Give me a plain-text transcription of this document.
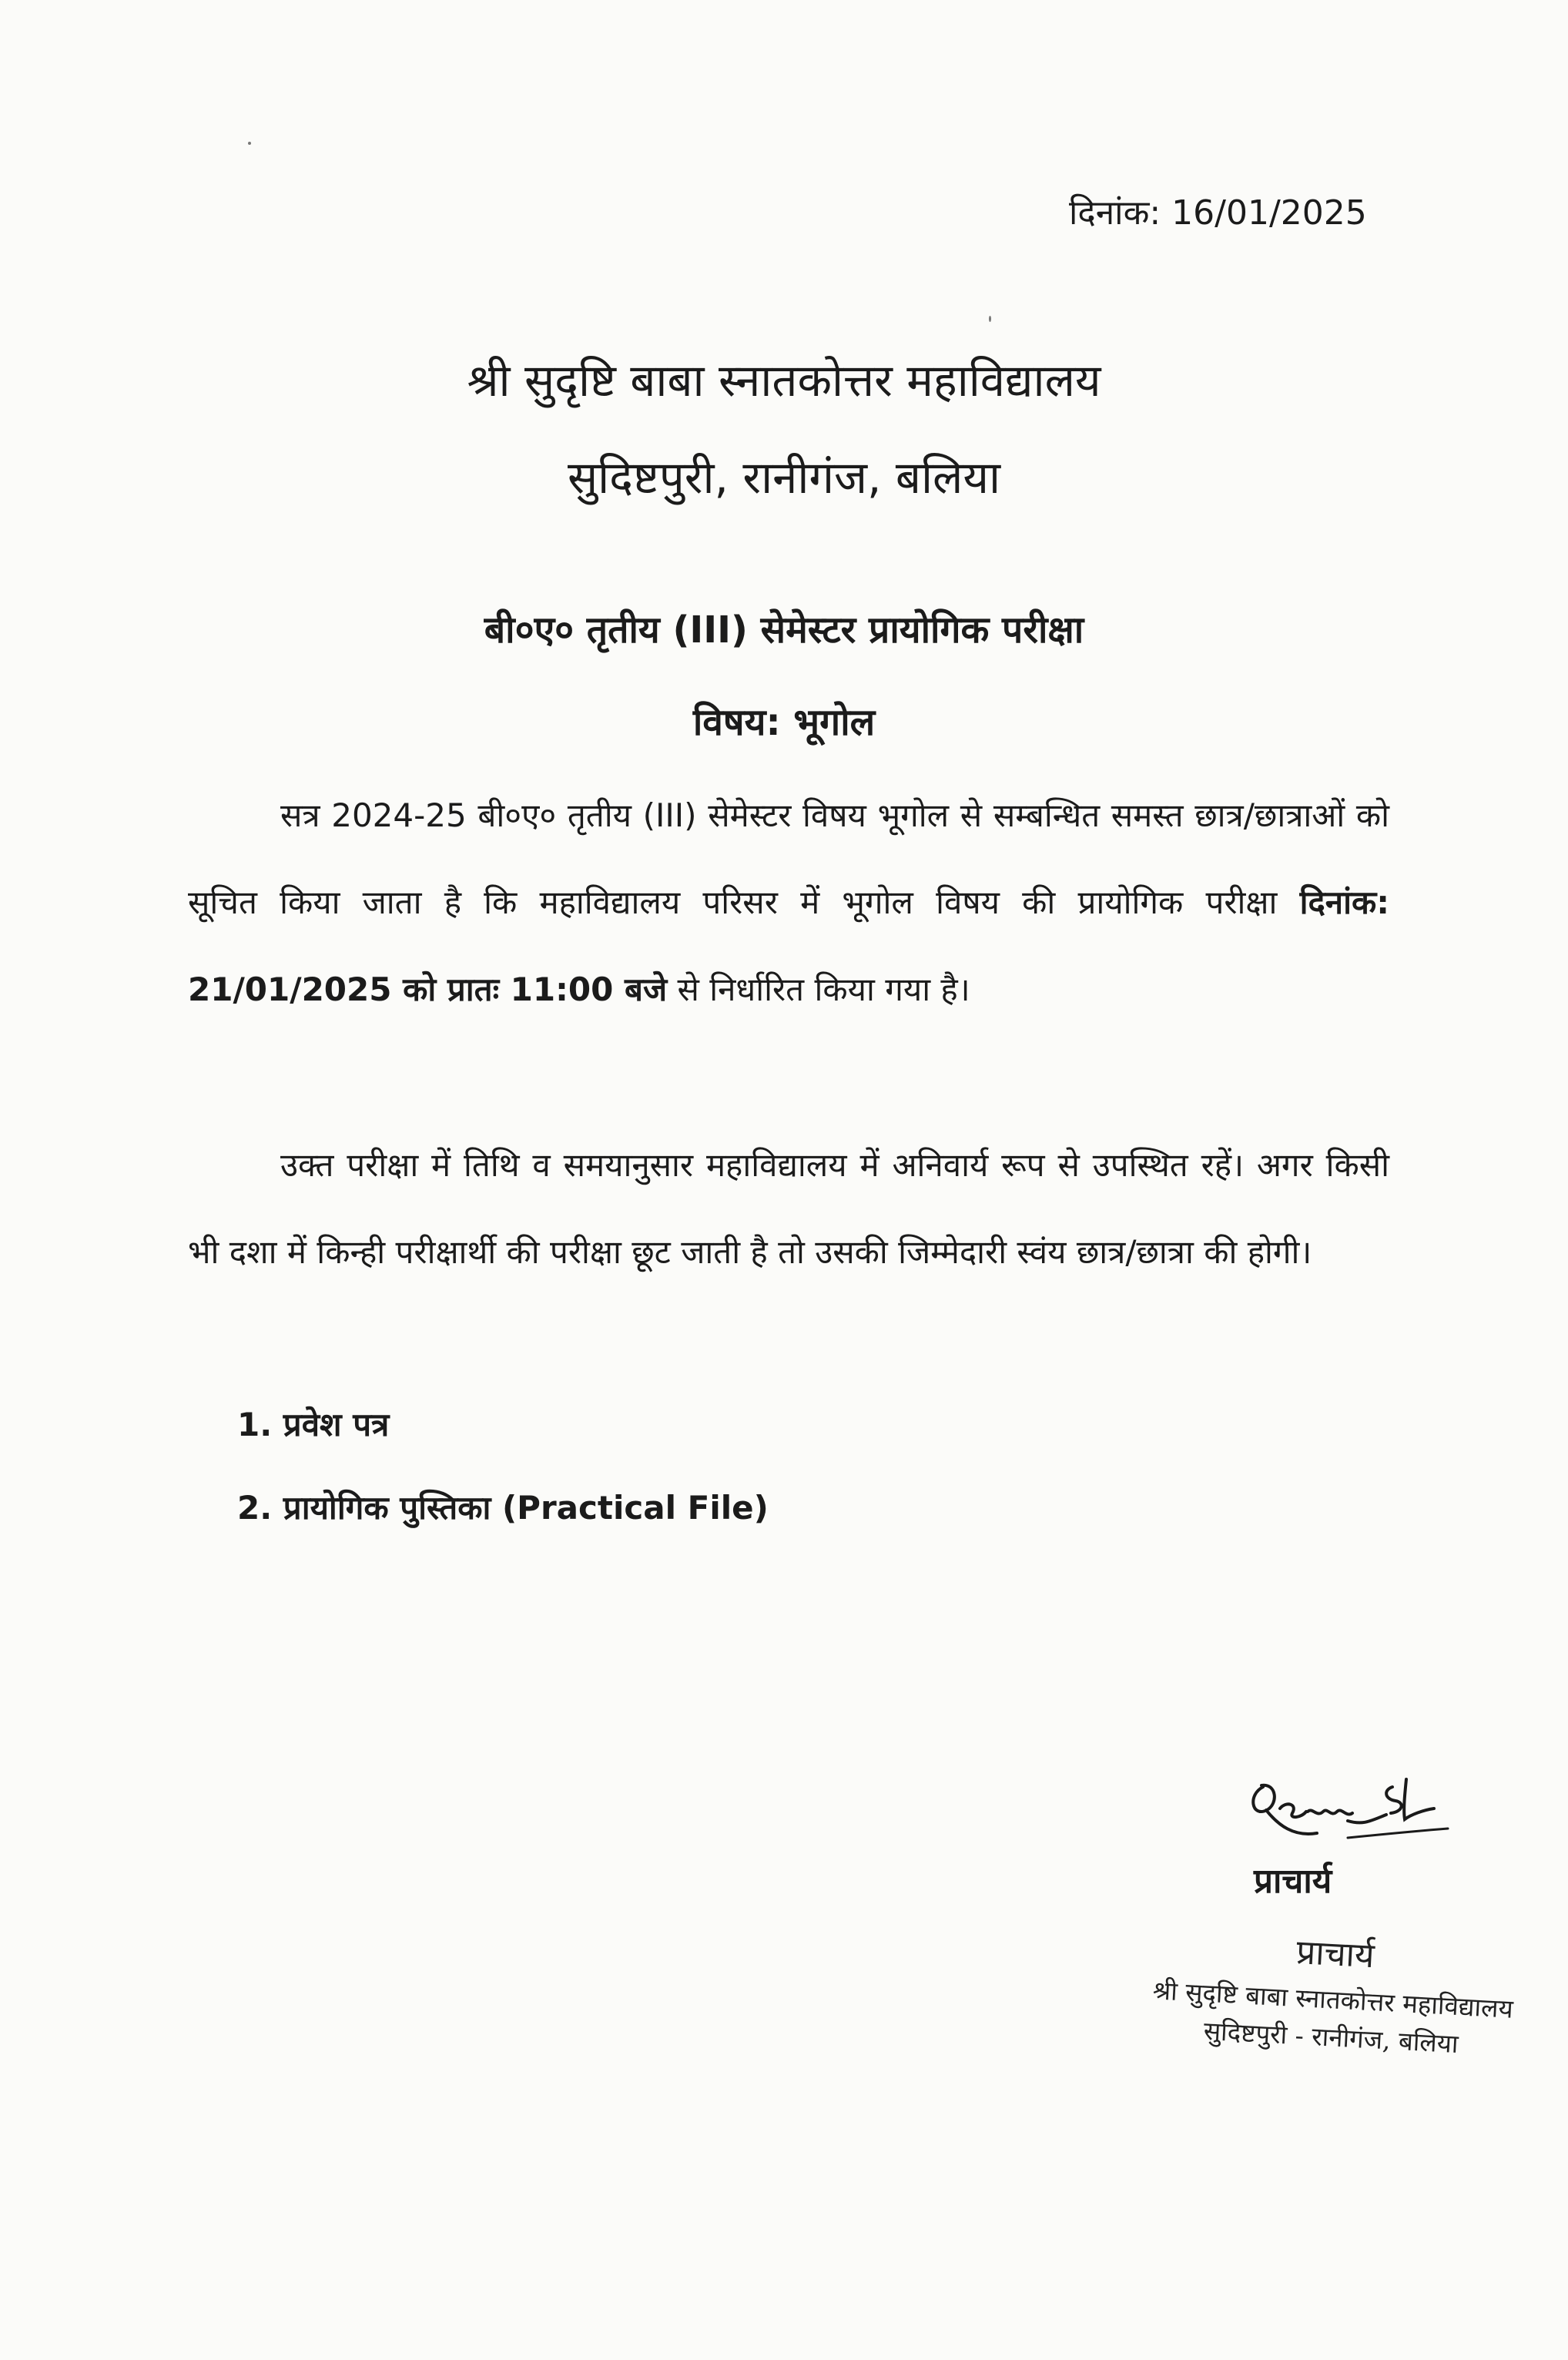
दिनांक: 16/01/2025
श्री सुदृष्टि बाबा स्नातकोत्तर महाविद्यालय
सुदिष्टपुरी, रानीगंज, बलिया
बी०ए० तृतीय (III) सेमेस्टर प्रायोगिक परीक्षा
विषय: भूगोल

सत्र 2024-25 बी०ए० तृतीय (III) सेमेस्टर विषय भूगोल से सम्बन्धित समस्त छात्र/छात्राओं को सूचित किया जाता है कि महाविद्यालय परिसर में भूगोल विषय की प्रायोगिक परीक्षा दिनांक: 21/01/2025 को प्रातः 11:00 बजे से निर्धारित किया गया है।

उक्त परीक्षा में तिथि व समयानुसार महाविद्यालय में अनिवार्य रूप से उपस्थित रहें। अगर किसी भी दशा में किन्ही परीक्षार्थी की परीक्षा छूट जाती है तो उसकी जिम्मेदारी स्वंय छात्र/छात्रा की होगी।

1. प्रवेश पत्र
2. प्रायोगिक पुस्तिका (Practical File)
प्राचार्य
प्राचार्य
श्री सुदृष्टि बाबा स्नातकोत्तर महाविद्यालय
सुदिष्टपुरी - रानीगंज, बलिया
